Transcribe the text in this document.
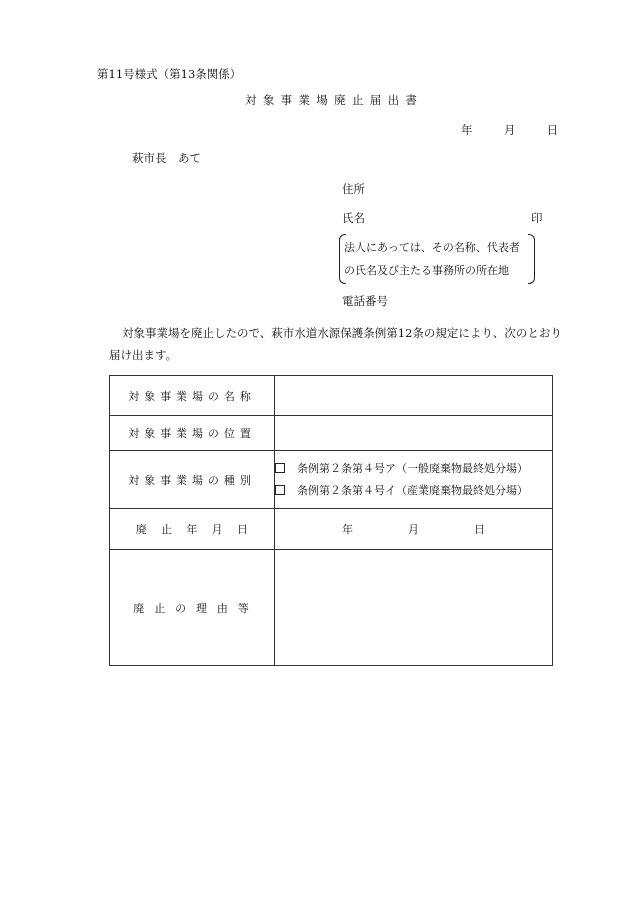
第11号様式（第13条関係）
対象事業場廃止届出書
年	月	日
萩市長　あて
住所
氏名	印
法人にあっては、その名称、代表者
の氏名及び主たる事務所の所在地
電話番号
対象事業場を廃止したので、萩市水道水源保護条例第12条の規定により、次のとおり
届け出ます。
対象事業場の名称	
対象事業場の位置	
対象事業場の種別	条例第２条第４号ア（一般廃棄物最終処分場）
条例第２条第４号イ（産業廃棄物最終処分場）

廃止年月日	年 月 日
廃止の理由等	
